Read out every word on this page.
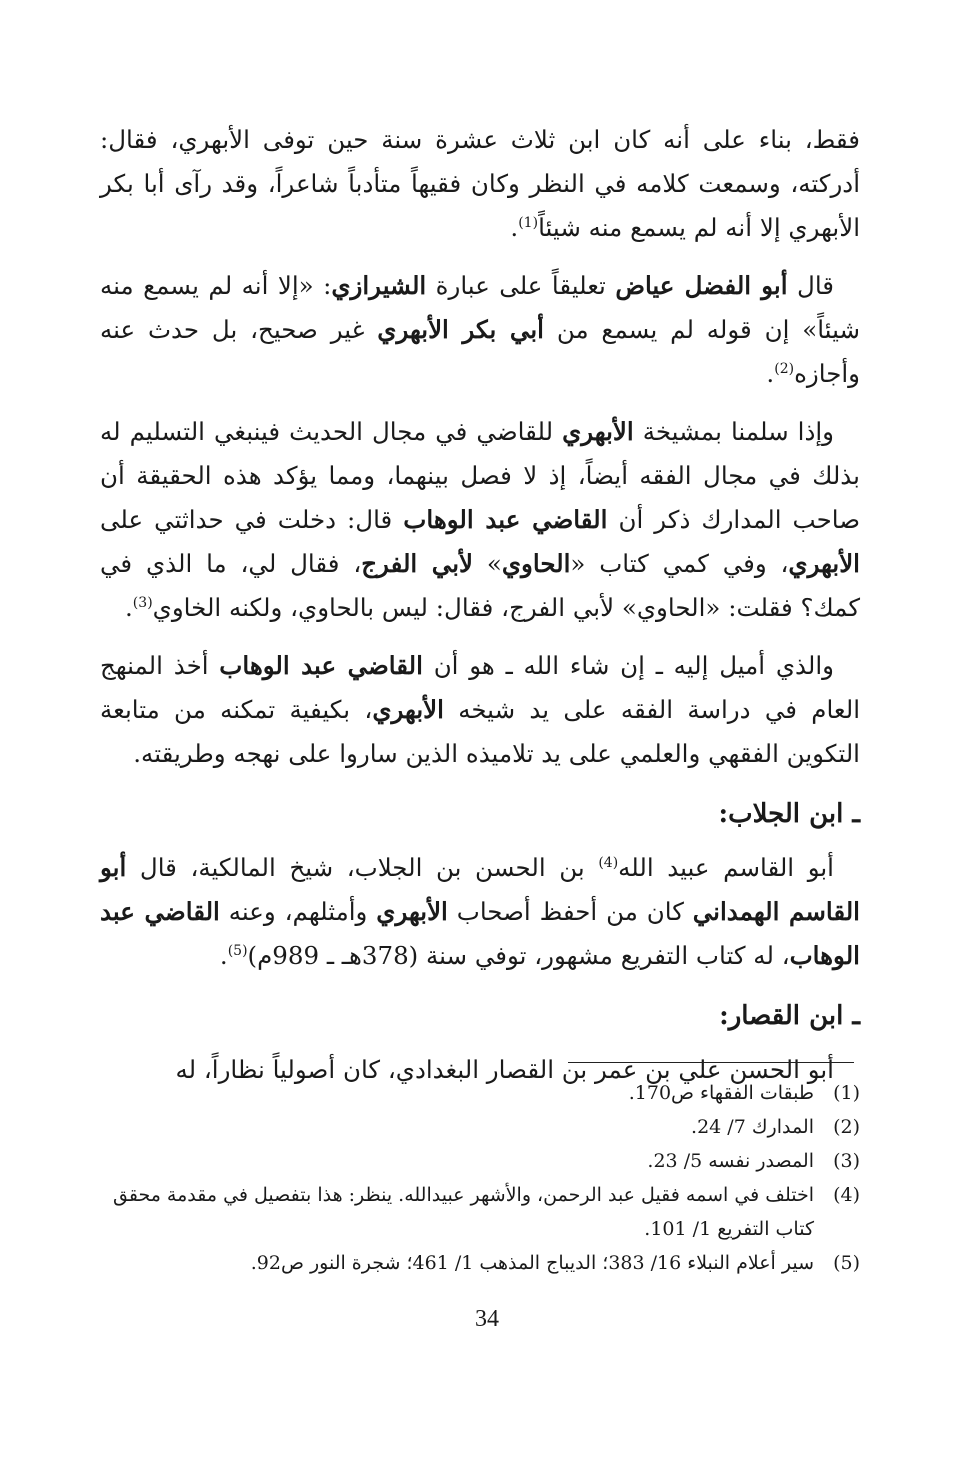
فقط، بناء على أنه كان ابن ثلاث عشرة سنة حين توفى الأبهري، فقال: أدركته، وسمعت كلامه في النظر وكان فقيهاً متأدباً شاعراً، وقد رآى أبا بكر الأبهري إلا أنه لم يسمع منه شيئاً$^{(1)}$.

قال أبو الفضل عياض تعليقاً على عبارة الشيرازي: «إلا أنه لم يسمع منه شيئاً» إن قوله لم يسمع من أبي بكر الأبهري غير صحيح، بل حدث عنه وأجازه$^{(2)}$.

وإذا سلمنا بمشيخة الأبهري للقاضي في مجال الحديث فينبغي التسليم له بذلك في مجال الفقه أيضاً، إذ لا فصل بينهما، ومما يؤكد هذه الحقيقة أن صاحب المدارك ذكر أن القاضي عبد الوهاب قال: دخلت في حداثتي على الأبهري، وفي كمي كتاب «الحاوي» لأبي الفرج، فقال لي، ما الذي في كمك؟ فقلت: «الحاوي» لأبي الفرج، فقال: ليس بالحاوي، ولكنه الخاوي$^{(3)}$.

والذي أميل إليه ـ إن شاء الله ـ هو أن القاضي عبد الوهاب أخذ المنهج العام في دراسة الفقه على يد شيخه الأبهري، بكيفية تمكنه من متابعة التكوين الفقهي والعلمي على يد تلاميذه الذين ساروا على نهجه وطريقته.

ـ ابن الجلاب:

أبو القاسم عبيد الله$^{(4)}$ بن الحسن بن الجلاب، شيخ المالكية، قال أبو القاسم الهمداني كان من أحفظ أصحاب الأبهري وأمثلهم، وعنه القاضي عبد الوهاب، له كتاب التفريع مشهور، توفي سنة (378هـ ـ 989م)$^{(5)}$.

ـ ابن القصار:

أبو الحسن علي بن عمر بن القصار البغدادي، كان أصولياً نظاراً، له

(1)
طبقات الفقهاء ص170.
(2)
المدارك 7/ 24.
(3)
المصدر نفسه 5/ 23.
(4)
اختلف في اسمه فقيل عبد الرحمن، والأشهر عبيدالله. ينظر: هذا بتفصيل في مقدمة محقق كتاب التفريع 1/ 101.
(5)
سير أعلام النبلاء 16/ 383؛ الديباج المذهب 1/ 461؛ شجرة النور ص92.
34
